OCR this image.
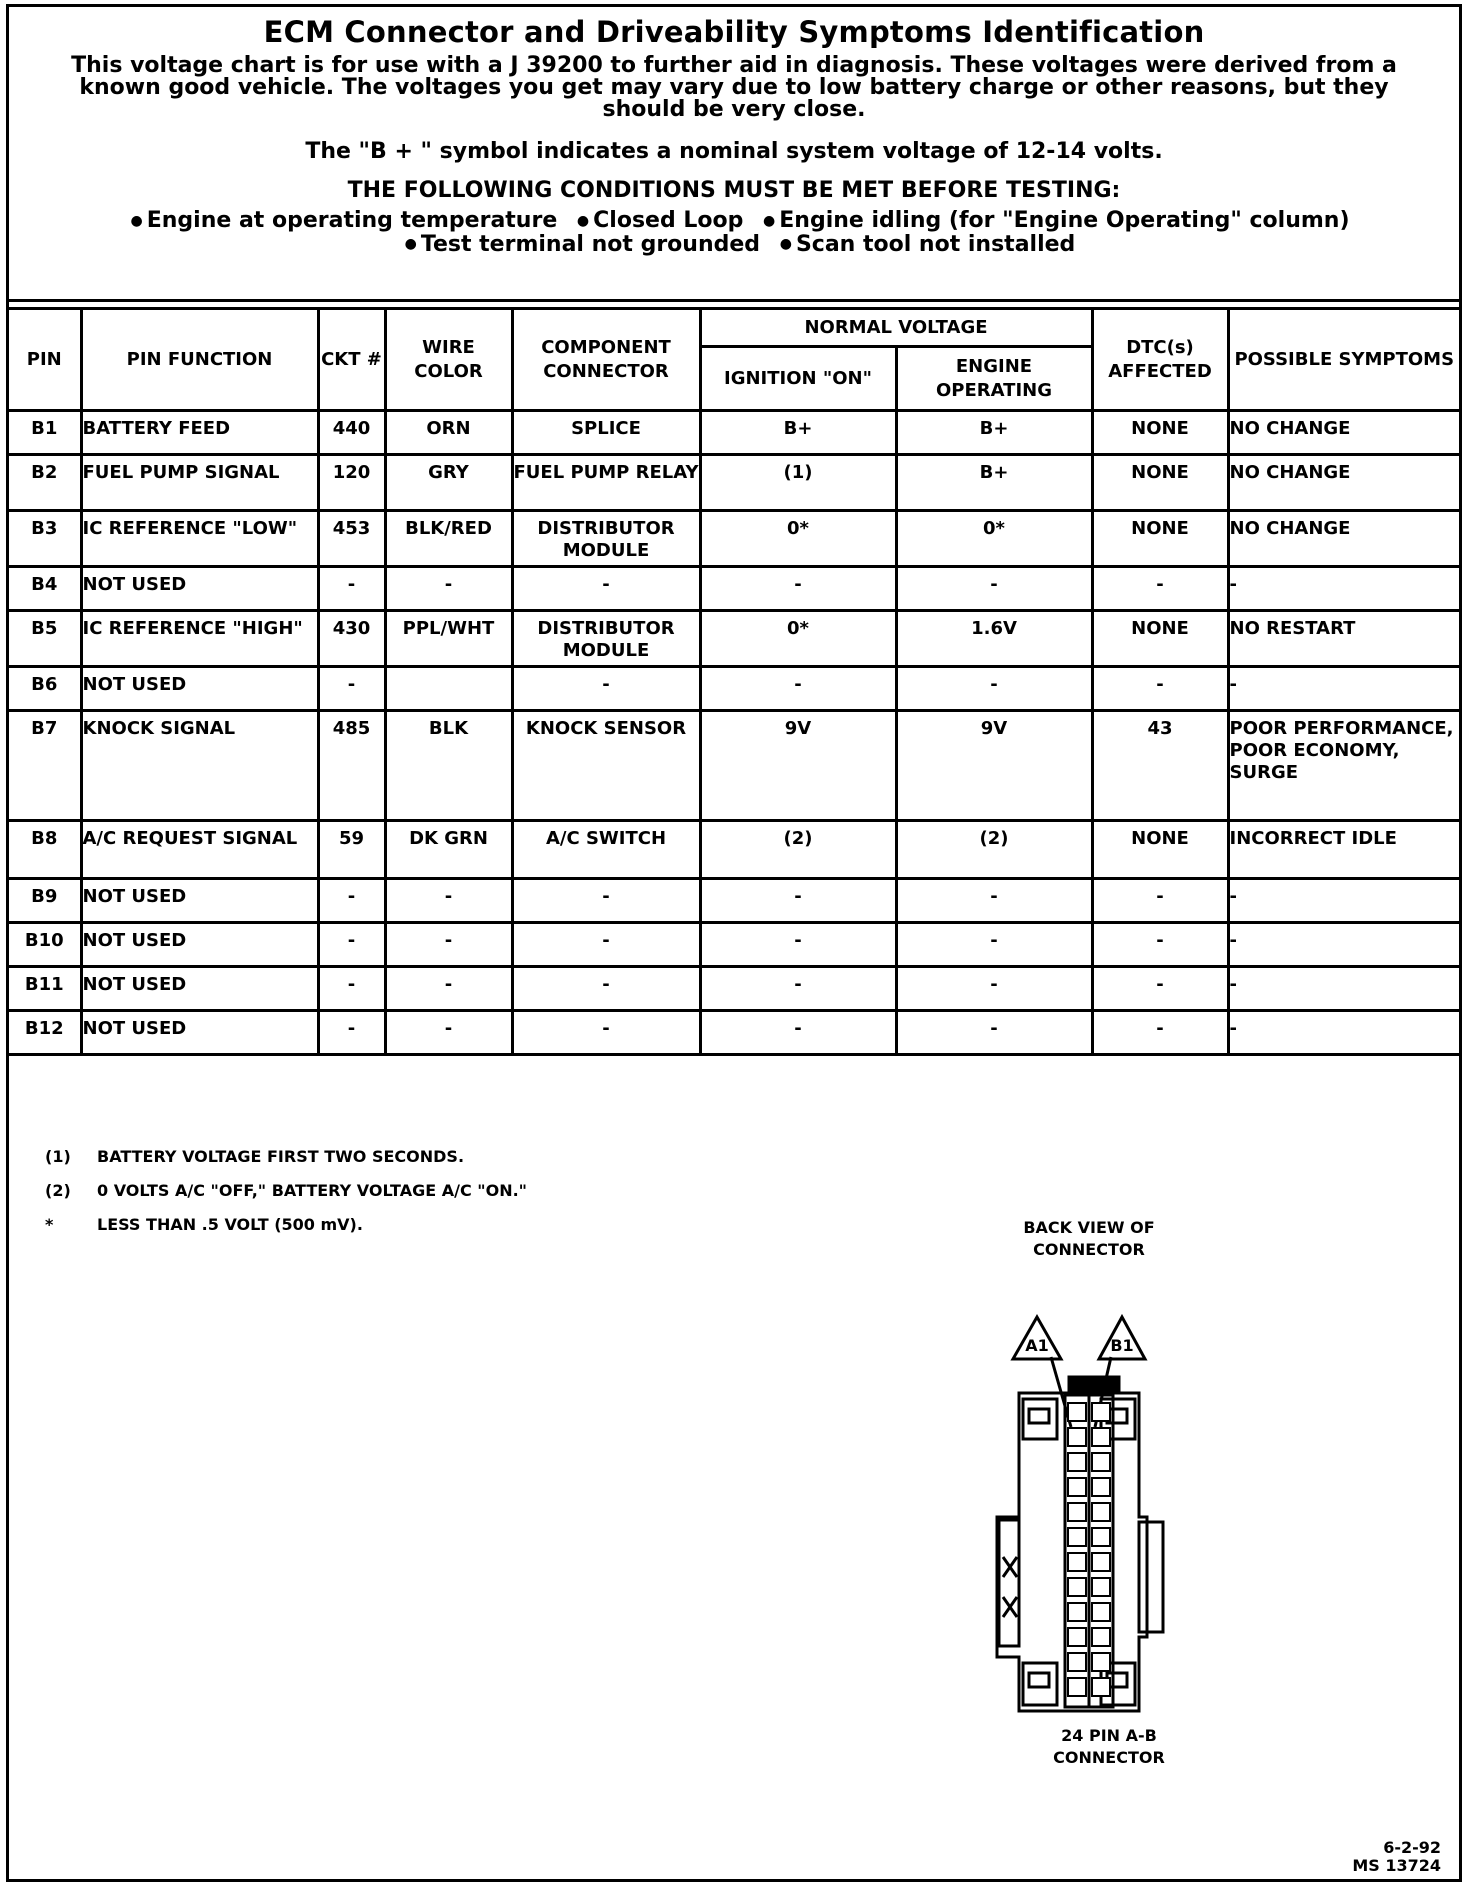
ECM Connector and Driveability Symptoms Identification
This voltage chart is for use with a J 39200 to further aid in diagnosis. These voltages were derived from a known good vehicle. The voltages you get may vary due to low battery charge or other reasons, but they should be very close.
The "B + " symbol indicates a nominal system voltage of 12-14 volts.
THE FOLLOWING CONDITIONS MUST BE MET BEFORE TESTING:
● Engine at operating temperature ● Closed Loop ● Engine idling (for "Engine Operating" column)
● Test terminal not grounded ● Scan tool not installed
PIN	PIN FUNCTION	CKT #	WIRE COLOR	COMPONENT CONNECTOR	NORMAL VOLTAGE		DTC(s) AFFECTED	POSSIBLE SYMPTOMS
					IGNITION "ON"	ENGINE OPERATING		
B1	BATTERY FEED	440	ORN	SPLICE	B+	B+	NONE	NO CHANGE
B2	FUEL PUMP SIGNAL	120	GRY	FUEL PUMP RELAY	(1)	B+	NONE	NO CHANGE
B3	IC REFERENCE "LOW"	453	BLK/RED	DISTRIBUTOR MODULE	0*	0*	NONE	NO CHANGE
B4	NOT USED	-	-	-	-	-	-	-
B5	IC REFERENCE "HIGH"	430	PPL/WHT	DISTRIBUTOR MODULE	0*	1.6V	NONE	NO RESTART
B6	NOT USED	-		-	-	-	-	-
B7	KNOCK SIGNAL	485	BLK	KNOCK SENSOR	9V	9V	43	POOR PERFORMANCE, POOR ECONOMY, SURGE
B8	A/C REQUEST SIGNAL	59	DK GRN	A/C SWITCH	(2)	(2)	NONE	INCORRECT IDLE
B9	NOT USED	-	-	-	-	-	-	-
B10	NOT USED	-	-	-	-	-	-	-
B11	NOT USED	-	-	-	-	-	-	-
B12	NOT USED	-	-	-	-	-	-	-
(1)	BATTERY VOLTAGE FIRST TWO SECONDS.
(2)	0 VOLTS A/C "OFF," BATTERY VOLTAGE A/C "ON."
*	LESS THAN .5 VOLT (500 mV).	BACK VIEW OF CONNECTOR
A1	B1
24 PIN A-B CONNECTOR
6-2-92
MS 13724
